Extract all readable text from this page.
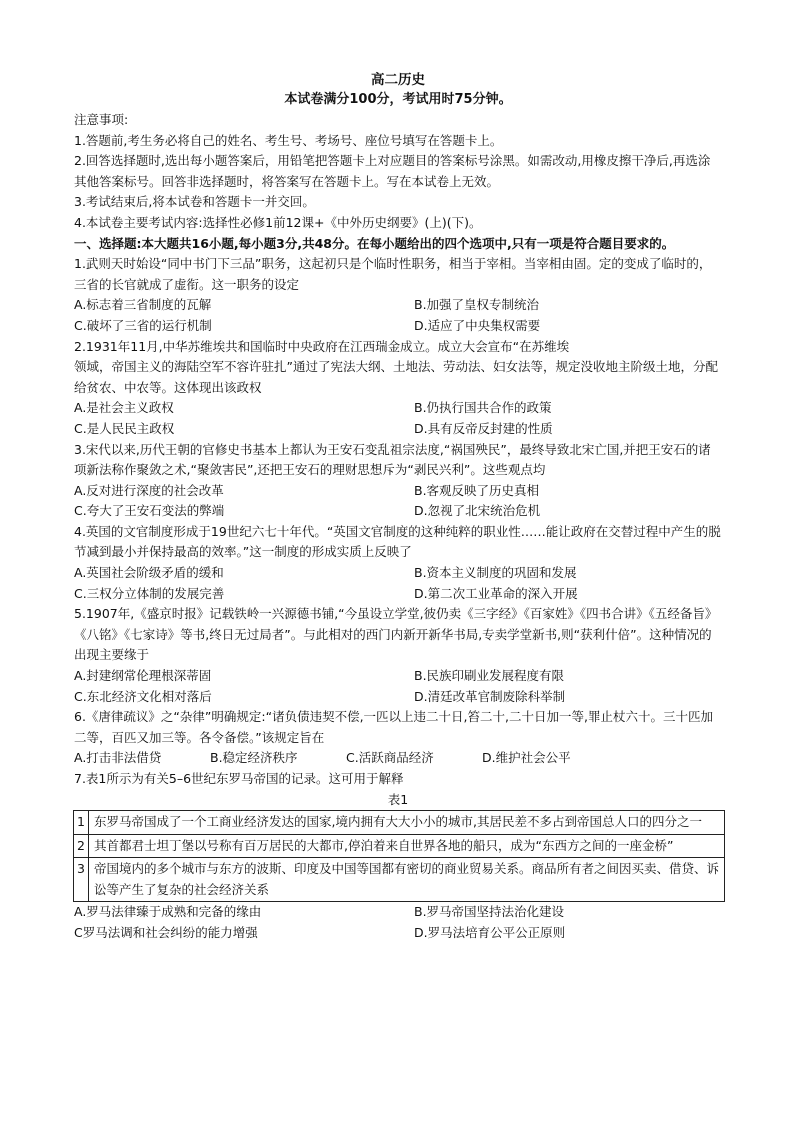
高二历史
本试卷满分100分，考试用时75分钟。

注意事项:

1.答题前,考生务必将自己的姓名、考生号、考场号、座位号填写在答题卡上。

2.回答选择题时,选出每小题答案后，用铅笔把答题卡上对应题目的答案标号涂黑。如需改动,用橡皮擦干净后,再选涂其他答案标号。回答非选择题时，将答案写在答题卡上。写在本试卷上无效。

3.考试结束后,将本试卷和答题卡一并交回。

4.本试卷主要考试内容:选择性必修1前12课+《中外历史纲要》(上)(下)。

一、选择题:本大题共16小题,每小题3分,共48分。在每小题给出的四个选项中,只有一项是符合题目要求的。

1.武则天时始设“同中书门下三品”职务，这起初只是个临时性职务，相当于宰相。当宰相由固。定的变成了临时的，三省的长官就成了虚衔。这一职务的设定

A.标志着三省制度的瓦解	B.加强了皇权专制统治
C.破坏了三省的运行机制	D.适应了中央集权需要

2.1931年11月,中华苏维埃共和国临时中央政府在江西瑞金成立。成立大会宣布“在苏维埃

领域，帝国主义的海陆空军不容许驻扎”通过了宪法大纲、土地法、劳动法、妇女法等，规定没收地主阶级土地，分配给贫农、中农等。这体现出该政权

A.是社会主义政权	B.仍执行国共合作的政策
C.是人民民主政权	D.具有反帝反封建的性质

3.宋代以来,历代王朝的官修史书基本上都认为王安石变乱祖宗法度,“祸国殃民”，最终导致北宋亡国,并把王安石的诸项新法称作聚敛之术,“聚敛害民”,还把王安石的理财思想斥为“剥民兴利”。这些观点均

A.反对进行深度的社会改革	B.客观反映了历史真相
C.夸大了王安石变法的弊端	D.忽视了北宋统治危机

4.英国的文官制度形成于19世纪六七十年代。“英国文官制度的这种纯粹的职业性……能让政府在交替过程中产生的脱节减到最小并保持最高的效率。”这一制度的形成实质上反映了

A.英国社会阶级矛盾的缓和	B.资本主义制度的巩固和发展
C.三权分立体制的发展完善	D.第二次工业革命的深入开展

5.1907年,《盛京时报》记载铁岭一兴源德书铺,“今虽设立学堂,彼仍卖《三字经》《百家姓》《四书合讲》《五经备旨》《八铭》《七家诗》等书,终日无过局者”。与此相对的西门内新开新华书局,专卖学堂新书,则“获利什倍”。这种情况的出现主要缘于

A.封建纲常伦理根深蒂固	B.民族印刷业发展程度有限
C.东北经济文化相对落后	D.清廷改革官制废除科举制

6.《唐律疏议》之“杂律”明确规定:“诸负债违契不偿,一匹以上违二十日,笞二十,二十日加一等,罪止杖六十。三十匹加二等，百匹又加三等。各令备偿。”该规定旨在

A.打击非法借贷	B.稳定经济秩序	C.活跃商品经济	D.维护社会公平

7.表1所示为有关5–6世纪东罗马帝国的记录。这可用于解释

表1

1	东罗马帝国成了一个工商业经济发达的国家,境内拥有大大小小的城市,其居民差不多占到帝国总人口的四分之一
2	其首都君士坦丁堡以号称有百万居民的大都市,停泊着来自世界各地的船只，成为“东西方之间的一座金桥”
3	帝国境内的多个城市与东方的波斯、印度及中国等国都有密切的商业贸易关系。商品所有者之间因买卖、借贷、诉讼等产生了复杂的社会经济关系
A.罗马法律臻于成熟和完备的缘由	B.罗马帝国坚持法治化建设
C罗马法调和社会纠纷的能力增强	D.罗马法培育公平公正原则
